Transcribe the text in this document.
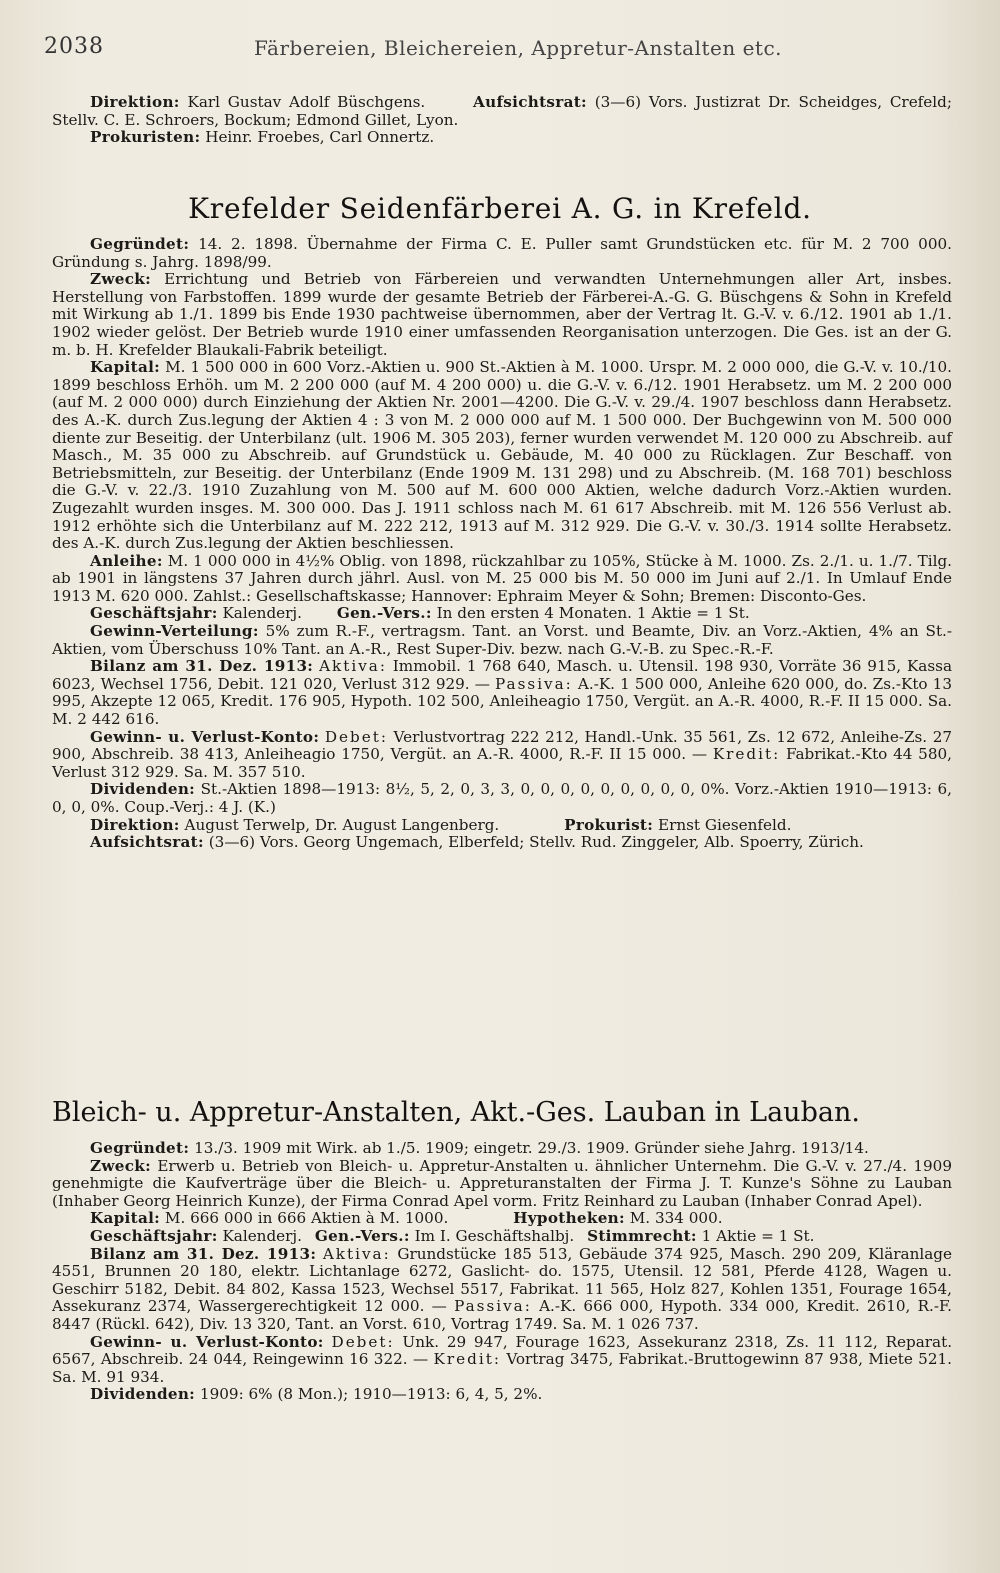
2038	Färbereien, Bleichereien, Appretur-Anstalten etc.

Direktion: Karl Gustav Adolf Büschgens.	Aufsichtsrat: (3—6) Vors. Justizrat Dr. Scheidges, Crefeld; Stellv. C. E. Schroers, Bockum; Edmond Gillet, Lyon.

Prokuristen: Heinr. Froebes, Carl Onnertz.

Krefelder Seidenfärberei A. G. in Krefeld.

Gegründet: 14. 2. 1898. Übernahme der Firma C. E. Puller samt Grundstücken etc. für M. 2 700 000. Gründung s. Jahrg. 1898/99.

Zweck: Errichtung und Betrieb von Färbereien und verwandten Unternehmungen aller Art, insbes. Herstellung von Farbstoffen. 1899 wurde der gesamte Betrieb der Färberei-A.-G. G. Büschgens & Sohn in Krefeld mit Wirkung ab 1./1. 1899 bis Ende 1930 pachtweise übernommen, aber der Vertrag lt. G.-V. v. 6./12. 1901 ab 1./1. 1902 wieder gelöst. Der Betrieb wurde 1910 einer umfassenden Reorganisation unterzogen. Die Ges. ist an der G. m. b. H. Krefelder Blaukali-Fabrik beteiligt.

Kapital: M. 1 500 000 in 600 Vorz.-Aktien u. 900 St.-Aktien à M. 1000. Urspr. M. 2 000 000, die G.-V. v. 10./10. 1899 beschloss Erhöh. um M. 2 200 000 (auf M. 4 200 000) u. die G.-V. v. 6./12. 1901 Herabsetz. um M. 2 200 000 (auf M. 2 000 000) durch Einziehung der Aktien Nr. 2001—4200. Die G.-V. v. 29./4. 1907 beschloss dann Herabsetz. des A.-K. durch Zus.legung der Aktien 4 : 3 von M. 2 000 000 auf M. 1 500 000. Der Buchgewinn von M. 500 000 diente zur Beseitig. der Unterbilanz (ult. 1906 M. 305 203), ferner wurden verwendet M. 120 000 zu Abschreib. auf Masch., M. 35 000 zu Abschreib. auf Grundstück u. Gebäude, M. 40 000 zu Rücklagen. Zur Beschaff. von Betriebsmitteln, zur Beseitig. der Unterbilanz (Ende 1909 M. 131 298) und zu Abschreib. (M. 168 701) beschloss die G.-V. v. 22./3. 1910 Zuzahlung von M. 500 auf M. 600 000 Aktien, welche dadurch Vorz.-Aktien wurden. Zugezahlt wurden insges. M. 300 000. Das J. 1911 schloss nach M. 61 617 Abschreib. mit M. 126 556 Verlust ab. 1912 erhöhte sich die Unterbilanz auf M. 222 212, 1913 auf M. 312 929. Die G.-V. v. 30./3. 1914 sollte Herabsetz. des A.-K. durch Zus.legung der Aktien beschliessen.

Anleihe: M. 1 000 000 in 4½% Oblig. von 1898, rückzahlbar zu 105%, Stücke à M. 1000. Zs. 2./1. u. 1./7. Tilg. ab 1901 in längstens 37 Jahren durch jährl. Ausl. von M. 25 000 bis M. 50 000 im Juni auf 2./1. In Umlauf Ende 1913 M. 620 000. Zahlst.: Gesellschaftskasse; Hannover: Ephraim Meyer & Sohn; Bremen: Disconto-Ges.

Geschäftsjahr: Kalenderj. Gen.-Vers.: In den ersten 4 Monaten. 1 Aktie = 1 St.

Gewinn-Verteilung: 5% zum R.-F., vertragsm. Tant. an Vorst. und Beamte, Div. an Vorz.-Aktien, 4% an St.-Aktien, vom Überschuss 10% Tant. an A.-R., Rest Super-Div. bezw. nach G.-V.-B. zu Spec.-R.-F.

Bilanz am 31. Dez. 1913: Aktiva: Immobil. 1 768 640, Masch. u. Utensil. 198 930, Vorräte 36 915, Kassa 6023, Wechsel 1756, Debit. 121 020, Verlust 312 929. — Passiva: A.-K. 1 500 000, Anleihe 620 000, do. Zs.-Kto 13 995, Akzepte 12 065, Kredit. 176 905, Hypoth. 102 500, Anleiheagio 1750, Vergüt. an A.-R. 4000, R.-F. II 15 000. Sa. M. 2 442 616.

Gewinn- u. Verlust-Konto: Debet: Verlustvortrag 222 212, Handl.-Unk. 35 561, Zs. 12 672, Anleihe-Zs. 27 900, Abschreib. 38 413, Anleiheagio 1750, Vergüt. an A.-R. 4000, R.-F. II 15 000. — Kredit: Fabrikat.-Kto 44 580, Verlust 312 929. Sa. M. 357 510.

Dividenden: St.-Aktien 1898—1913: 8½, 5, 2, 0, 3, 3, 0, 0, 0, 0, 0, 0, 0, 0, 0, 0%. Vorz.-Aktien 1910—1913: 6, 0, 0, 0%. Coup.-Verj.: 4 J. (K.)

Direktion: August Terwelp, Dr. August Langenberg.	Prokurist: Ernst Giesenfeld.

Aufsichtsrat: (3—6) Vors. Georg Ungemach, Elberfeld; Stellv. Rud. Zinggeler, Alb. Spoerry, Zürich.

Bleich- u. Appretur-Anstalten, Akt.-Ges. Lauban in Lauban.

Gegründet: 13./3. 1909 mit Wirk. ab 1./5. 1909; eingetr. 29./3. 1909. Gründer siehe Jahrg. 1913/14.

Zweck: Erwerb u. Betrieb von Bleich- u. Appretur-Anstalten u. ähnlicher Unternehm. Die G.-V. v. 27./4. 1909 genehmigte die Kaufverträge über die Bleich- u. Appreturanstalten der Firma J. T. Kunze's Söhne zu Lauban (Inhaber Georg Heinrich Kunze), der Firma Conrad Apel vorm. Fritz Reinhard zu Lauban (Inhaber Conrad Apel).

Kapital: M. 666 000 in 666 Aktien à M. 1000.	Hypotheken: M. 334 000.

Geschäftsjahr: Kalenderj. Gen.-Vers.: Im I. Geschäftshalbj. Stimmrecht: 1 Aktie = 1 St.

Bilanz am 31. Dez. 1913: Aktiva: Grundstücke 185 513, Gebäude 374 925, Masch. 290 209, Kläranlage 4551, Brunnen 20 180, elektr. Lichtanlage 6272, Gaslicht- do. 1575, Utensil. 12 581, Pferde 4128, Wagen u. Geschirr 5182, Debit. 84 802, Kassa 1523, Wechsel 5517, Fabrikat. 11 565, Holz 827, Kohlen 1351, Fourage 1654, Assekuranz 2374, Wassergerechtigkeit 12 000. — Passiva: A.-K. 666 000, Hypoth. 334 000, Kredit. 2610, R.-F. 8447 (Rückl. 642), Div. 13 320, Tant. an Vorst. 610, Vortrag 1749. Sa. M. 1 026 737.

Gewinn- u. Verlust-Konto: Debet: Unk. 29 947, Fourage 1623, Assekuranz 2318, Zs. 11 112, Reparat. 6567, Abschreib. 24 044, Reingewinn 16 322. — Kredit: Vortrag 3475, Fabrikat.-Bruttogewinn 87 938, Miete 521. Sa. M. 91 934.

Dividenden: 1909: 6% (8 Mon.); 1910—1913: 6, 4, 5, 2%.
